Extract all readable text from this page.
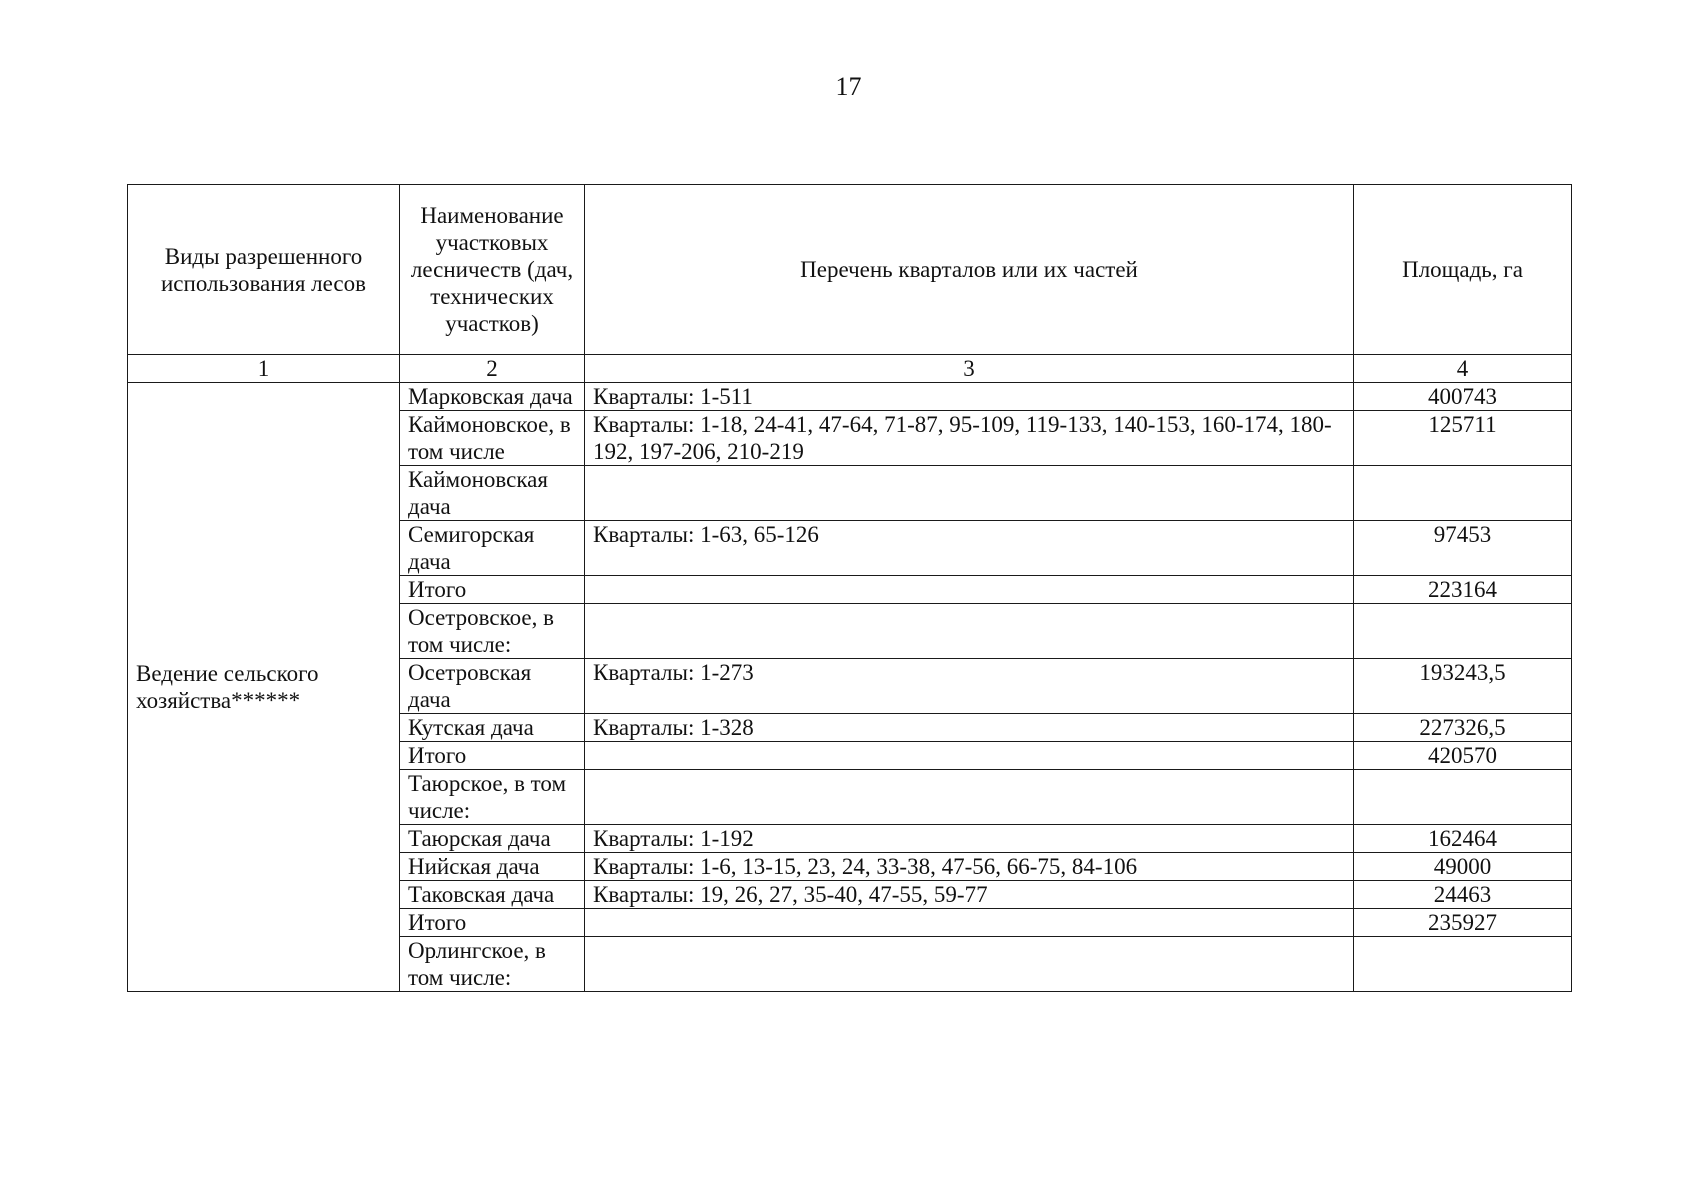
17
Виды разрешенного использования лесов	Наименование участковых лесничеств (дач, технических участков)	Перечень кварталов или их частей	Площадь, га
1	2	3	4
Ведение сельского хозяйства******	Марковская дача	Кварталы: 1-511	400743
	Каймоновское, в том числе	Кварталы: 1-18, 24-41, 47-64, 71-87, 95-109, 119-133, 140-153, 160-174, 180-192, 197-206, 210-219	125711
	Каймоновская дача		
	Семигорская дача	Кварталы: 1-63, 65-126	97453
	Итого		223164
	Осетровское, в том числе:		
	Осетровская дача	Кварталы: 1-273	193243,5
	Кутская дача	Кварталы: 1-328	227326,5
	Итого		420570
	Таюрское, в том числе:		
	Таюрская дача	Кварталы: 1-192	162464
	Нийская дача	Кварталы: 1-6, 13-15, 23, 24, 33-38, 47-56, 66-75, 84-106	49000
	Таковская дача	Кварталы: 19, 26, 27, 35-40, 47-55, 59-77	24463
	Итого		235927
	Орлингское, в том числе:		
